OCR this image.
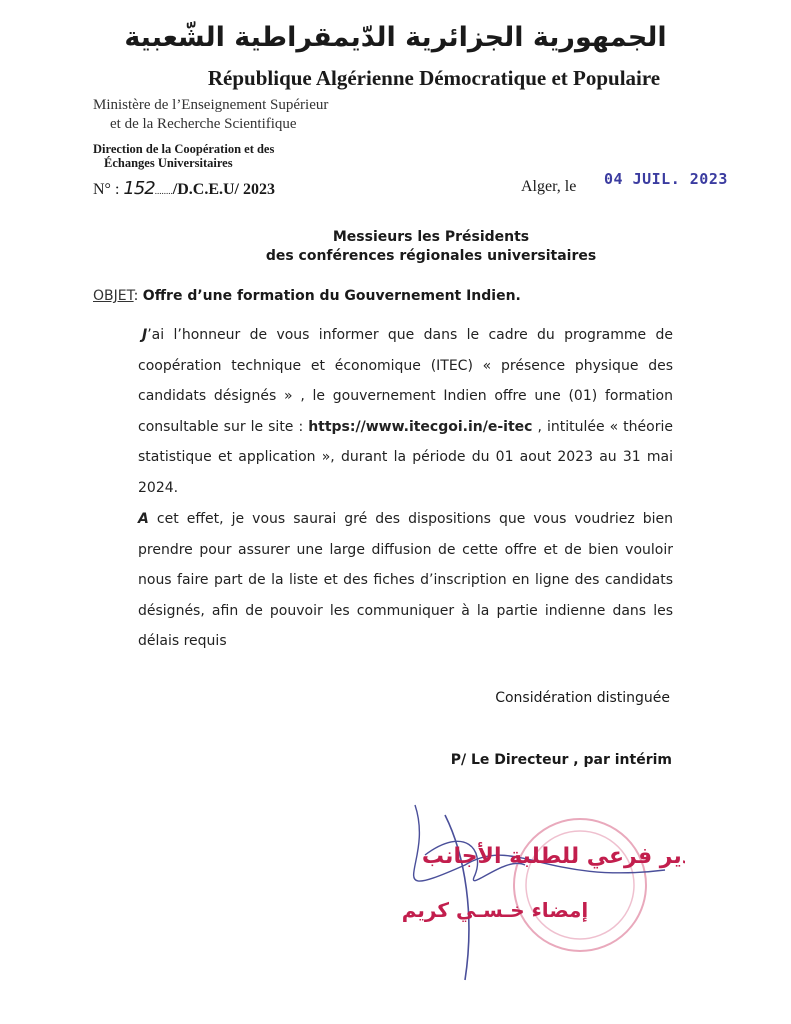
الجمهورية الجزائرية الدّيمقراطية الشّعبية
République Algérienne Démocratique et Populaire
Ministère de l’Enseignement Supérieur
et de la Recherche Scientifique
Direction de la Coopération et des
Échanges Universitaires
N° : 152......../D.C.E.U/ 2023	Alger, le 04 JUIL. 2023
Messieurs les Présidents
des conférences régionales universitaires
OBJET: Offre d’une formation du Gouvernement Indien.
J’ai l’honneur de vous informer que dans le cadre du programme de coopération technique et économique (ITEC) « présence physique des candidats désignés » , le gouvernement Indien offre une (01) formation consultable sur le site : https://www.itecgoi.in/e-itec , intitulée « théorie statistique et application », durant la période du 01 aout 2023 au 31 mai 2024.
A cet effet, je vous saurai gré des dispositions que vous voudriez bien prendre pour assurer une large diffusion de cette offre et de bien vouloir nous faire part de la liste et des fiches d’inscription en ligne des candidats désignés, afin de pouvoir les communiquer à la partie indienne dans les délais requis
Considération distinguée
P/ Le Directeur , par intérim
مدير فرعي للطلبة الأجانب
إمضاء خـسـي كريم
